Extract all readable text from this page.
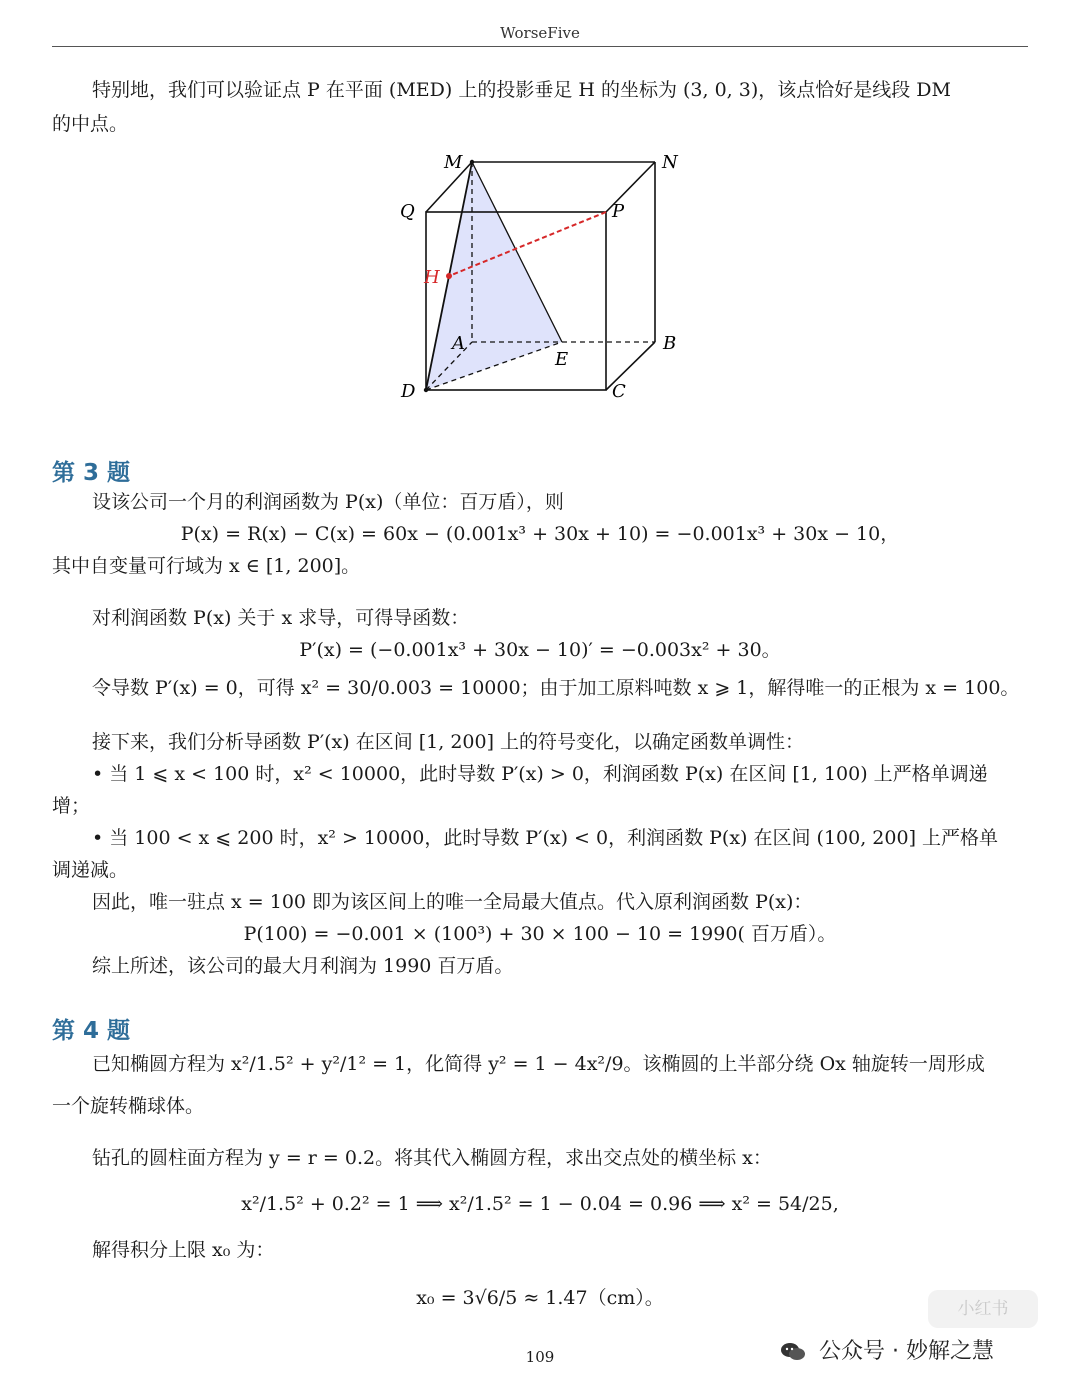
WorseFive
特别地，我们可以验证点 P 在平面 (MED) 上的投影垂足 H 的坐标为 (3, 0, 3)，该点恰好是线段 DM
的中点。
M	N
Q	P
H
A
E
B
D	C
第 3 题
设该公司一个月的利润函数为 P(x)（单位：百万盾），则
P(x) = R(x) − C(x) = 60x − (0.001x³ + 30x + 10) = −0.001x³ + 30x − 10，
其中自变量可行域为 x ∈ [1, 200]。
对利润函数 P(x) 关于 x 求导，可得导函数：
P′(x) = (−0.001x³ + 30x − 10)′ = −0.003x² + 30。
令导数 P′(x) = 0，可得 x² = 30/0.003 = 10000；由于加工原料吨数 x ⩾ 1，解得唯一的正根为 x = 100。
接下来，我们分析导函数 P′(x) 在区间 [1, 200] 上的符号变化，以确定函数单调性：
• 当 1 ⩽ x < 100 时，x² < 10000，此时导数 P′(x) > 0，利润函数 P(x) 在区间 [1, 100) 上严格单调递
增；
• 当 100 < x ⩽ 200 时，x² > 10000，此时导数 P′(x) < 0，利润函数 P(x) 在区间 (100, 200] 上严格单
调递减。
因此，唯一驻点 x = 100 即为该区间上的唯一全局最大值点。代入原利润函数 P(x)：
P(100) = −0.001 × (100³) + 30 × 100 − 10 = 1990( 百万盾）。
综上所述，该公司的最大月利润为 1990 百万盾。
第 4 题
已知椭圆方程为 x²/1.5² + y²/1² = 1，化简得 y² = 1 − 4x²/9。该椭圆的上半部分绕 Ox 轴旋转一周形成
一个旋转椭球体。
钻孔的圆柱面方程为 y = r = 0.2。将其代入椭圆方程，求出交点处的横坐标 x：
x²/1.5² + 0.2² = 1 ⟹ x²/1.5² = 1 − 0.04 = 0.96 ⟹ x² = 54/25,
解得积分上限 x₀ 为：
x₀ = 3√6/5 ≈ 1.47（cm）。
109
小红书
公众号 · 妙解之慧
